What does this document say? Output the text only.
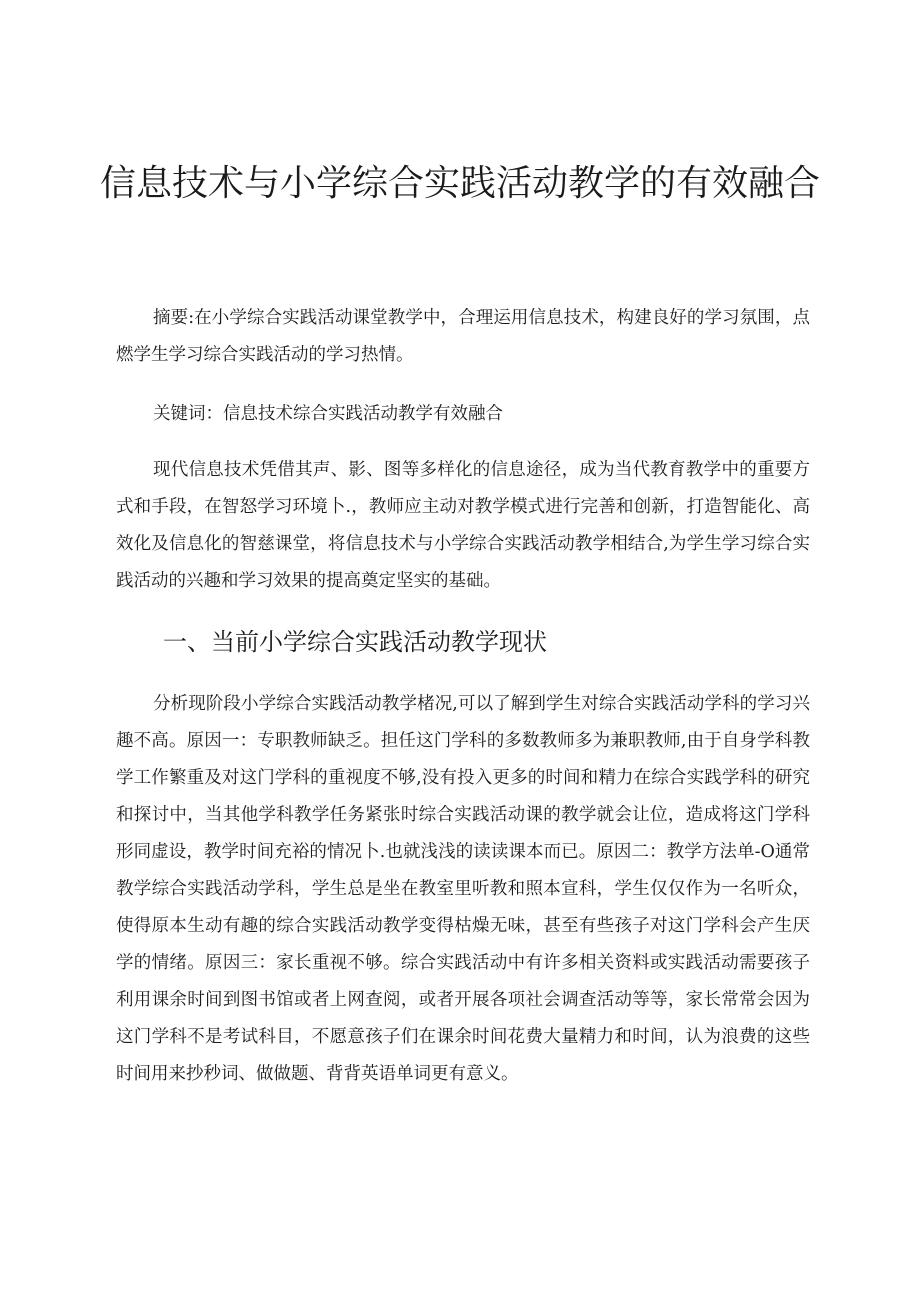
信息技术与小学综合实践活动教学的有效融合

摘要:在小学综合实践活动课堂教学中，合理运用信息技术，构建良好的学习氛围，点燃学生学习综合实践活动的学习热情。

关键词：信息技术综合实践活动教学有效融合

现代信息技术凭借其声、影、图等多样化的信息途径，成为当代教育教学中的重要方式和手段，在智怒学习环境卜.，教师应主动对教学模式进行完善和创新，打造智能化、高效化及信息化的智慈课堂，将信息技术与小学综合实践活动教学相结合,为学生学习综合实践活动的兴趣和学习效果的提高奠定坚实的基础。

一、当前小学综合实践活动教学现状

分析现阶段小学综合实践活动教学楮况,可以了解到学生对综合实践活动学科的学习兴趣不高。原因一：专职教师缺乏。担任这门学科的多数教师多为兼职教师,由于自身学科教学工作繁重及对这门学科的重视度不够,没有投入更多的时间和精力在综合实践学科的研究和探讨中，当其他学科教学任务紧张时综合实践活动课的教学就会让位，造成将这门学科形同虚设，教学时间充裕的情况卜.也就浅浅的读读课本而已。原因二：教学方法单-O通常教学综合实践活动学科，学生总是坐在教室里听教和照本宣科，学生仅仅作为一名听众，使得原本生动有趣的综合实践活动教学变得枯燥无味，甚至有些孩子对这门学科会产生厌学的情绪。原因三：家长重视不够。综合实践活动中有许多相关资料或实践活动需要孩子利用课余时间到图书馆或者上网查阅，或者开展各项社会调查活动等等，家长常常会因为这门学科不是考试科目，不愿意孩子们在课余时间花费大量精力和时间，认为浪费的这些时间用来抄秒词、做做题、背背英语单词更有意义。
